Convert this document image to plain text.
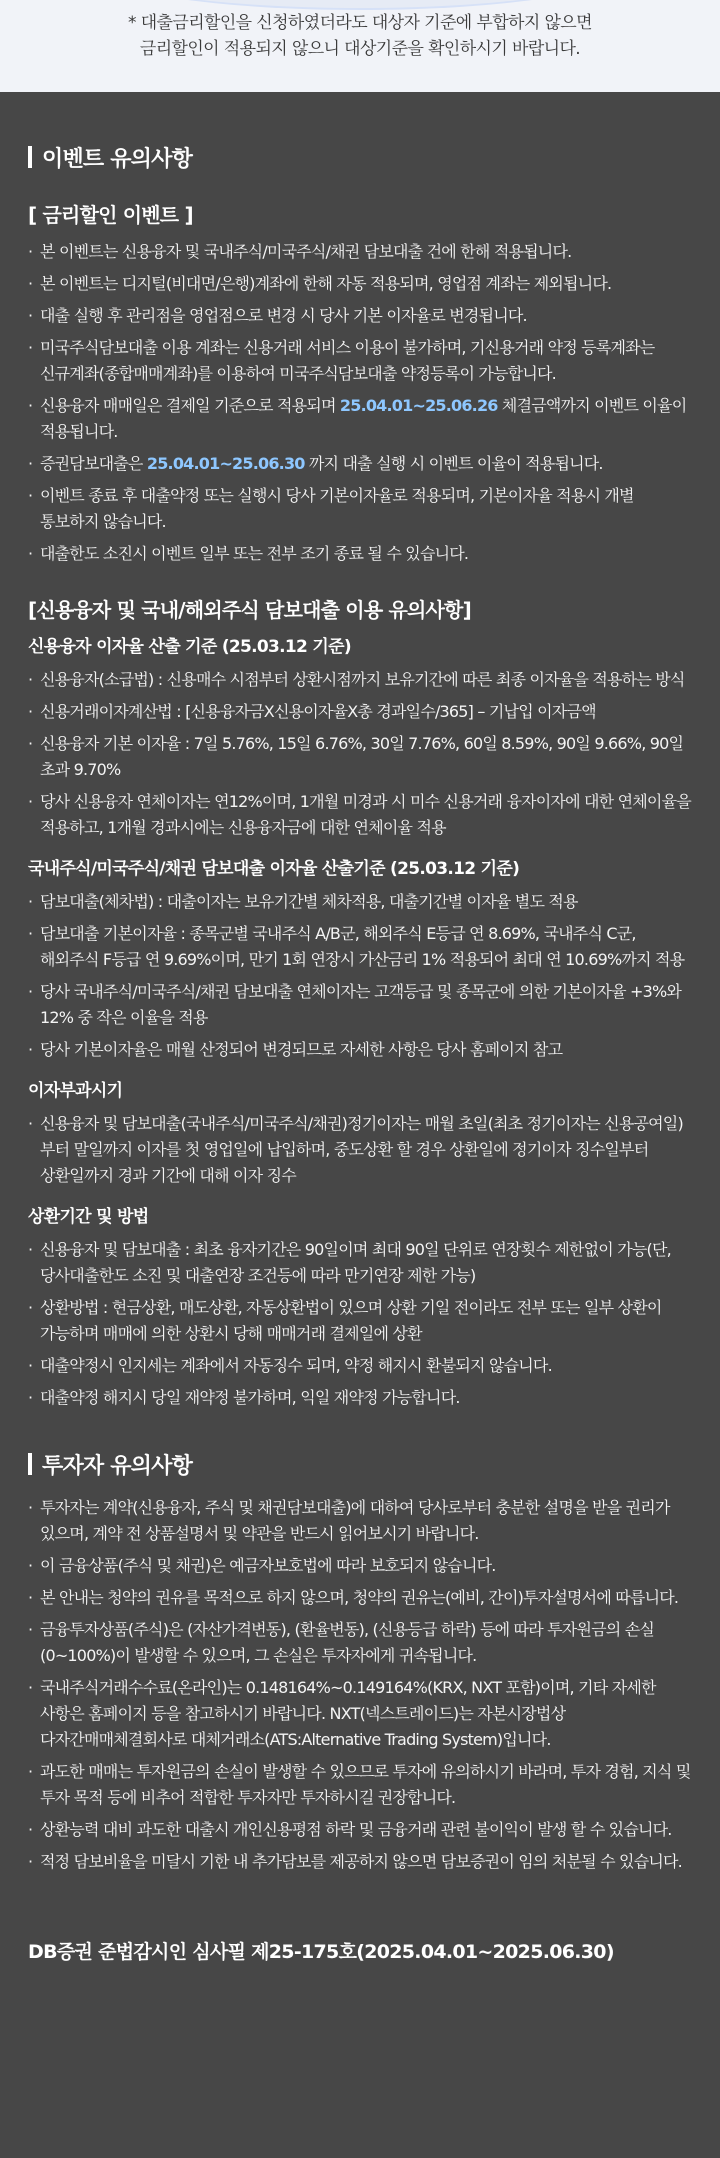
* 대출금리할인을 신청하였더라도 대상자 기준에 부합하지 않으면
금리할인이 적용되지 않으니 대상기준을 확인하시기 바랍니다.
이벤트 유의사항
[ 금리할인 이벤트 ]
· 본 이벤트는 신용융자 및 국내주식/미국주식/채권 담보대출 건에 한해 적용됩니다.
· 본 이벤트는 디지털(비대면/은행)계좌에 한해 자동 적용되며, 영업점 계좌는 제외됩니다.
· 대출 실행 후 관리점을 영업점으로 변경 시 당사 기본 이자율로 변경됩니다.
· 미국주식담보대출 이용 계좌는 신용거래 서비스 이용이 불가하며, 기신용거래 약정 등록계좌는 신규계좌(종합매매계좌)를 이용하여 미국주식담보대출 약정등록이 가능합니다.
· 신용융자 매매일은 결제일 기준으로 적용되며 25.04.01~25.06.26 체결금액까지 이벤트 이율이 적용됩니다.
· 증권담보대출은 25.04.01~25.06.30 까지 대출 실행 시 이벤트 이율이 적용됩니다.
· 이벤트 종료 후 대출약정 또는 실행시 당사 기본이자율로 적용되며, 기본이자율 적용시 개별 통보하지 않습니다.
· 대출한도 소진시 이벤트 일부 또는 전부 조기 종료 될 수 있습니다.
[신용융자 및 국내/해외주식 담보대출 이용 유의사항]
신용융자 이자율 산출 기준 (25.03.12 기준)
· 신용융자(소급법) : 신용매수 시점부터 상환시점까지 보유기간에 따른 최종 이자율을 적용하는 방식
· 신용거래이자계산법 : [신용융자금X신용이자율X총 경과일수/365] – 기납입 이자금액
· 신용융자 기본 이자율 : 7일 5.76%, 15일 6.76%, 30일 7.76%, 60일 8.59%, 90일 9.66%, 90일 초과 9.70%
· 당사 신용융자 연체이자는 연12%이며, 1개월 미경과 시 미수 신용거래 융자이자에 대한 연체이율을 적용하고, 1개월 경과시에는 신용융자금에 대한 연체이율 적용
국내주식/미국주식/채권 담보대출 이자율 산출기준 (25.03.12 기준)
· 담보대출(체차법) : 대출이자는 보유기간별 체차적용, 대출기간별 이자율 별도 적용
· 담보대출 기본이자율 : 종목군별 국내주식 A/B군, 해외주식 E등급 연 8.69%, 국내주식 C군, 해외주식 F등급 연 9.69%이며, 만기 1회 연장시 가산금리 1% 적용되어 최대 연 10.69%까지 적용
· 당사 국내주식/미국주식/채권 담보대출 연체이자는 고객등급 및 종목군에 의한 기본이자율 +3%와 12% 중 작은 이율을 적용
· 당사 기본이자율은 매월 산정되어 변경되므로 자세한 사항은 당사 홈페이지 참고
이자부과시기
· 신용융자 및 담보대출(국내주식/미국주식/채권)정기이자는 매월 초일(최초 정기이자는 신용공여일)부터 말일까지 이자를 첫 영업일에 납입하며, 중도상환 할 경우 상환일에 정기이자 징수일부터 상환일까지 경과 기간에 대해 이자 징수
상환기간 및 방법
· 신용융자 및 담보대출 : 최초 융자기간은 90일이며 최대 90일 단위로 연장횟수 제한없이 가능(단, 당사대출한도 소진 및 대출연장 조건등에 따라 만기연장 제한 가능)
· 상환방법 : 현금상환, 매도상환, 자동상환법이 있으며 상환 기일 전이라도 전부 또는 일부 상환이 가능하며 매매에 의한 상환시 당해 매매거래 결제일에 상환
· 대출약정시 인지세는 계좌에서 자동징수 되며, 약정 해지시 환불되지 않습니다.
· 대출약정 해지시 당일 재약정 불가하며, 익일 재약정 가능합니다.
투자자 유의사항
· 투자자는 계약(신용융자, 주식 및 채권담보대출)에 대하여 당사로부터 충분한 설명을 받을 권리가 있으며, 계약 전 상품설명서 및 약관을 반드시 읽어보시기 바랍니다.
· 이 금융상품(주식 및 채권)은 예금자보호법에 따라 보호되지 않습니다.
· 본 안내는 청약의 권유를 목적으로 하지 않으며, 청약의 권유는(예비, 간이)투자설명서에 따릅니다.
· 금융투자상품(주식)은 (자산가격변동), (환율변동), (신용등급 하락) 등에 따라 투자원금의 손실(0~100%)이 발생할 수 있으며, 그 손실은 투자자에게 귀속됩니다.
· 국내주식거래수수료(온라인)는 0.148164%~0.149164%(KRX, NXT 포함)이며, 기타 자세한 사항은 홈페이지 등을 참고하시기 바랍니다. NXT(넥스트레이드)는 자본시장법상 다자간매매체결회사로 대체거래소(ATS:Alternative Trading System)입니다.
· 과도한 매매는 투자원금의 손실이 발생할 수 있으므로 투자에 유의하시기 바라며, 투자 경험, 지식 및 투자 목적 등에 비추어 적합한 투자자만 투자하시길 권장합니다.
· 상환능력 대비 과도한 대출시 개인신용평점 하락 및 금융거래 관련 불이익이 발생 할 수 있습니다.
· 적정 담보비율을 미달시 기한 내 추가담보를 제공하지 않으면 담보증권이 임의 처분될 수 있습니다.
DB증권 준법감시인 심사필 제25-175호(2025.04.01~2025.06.30)
